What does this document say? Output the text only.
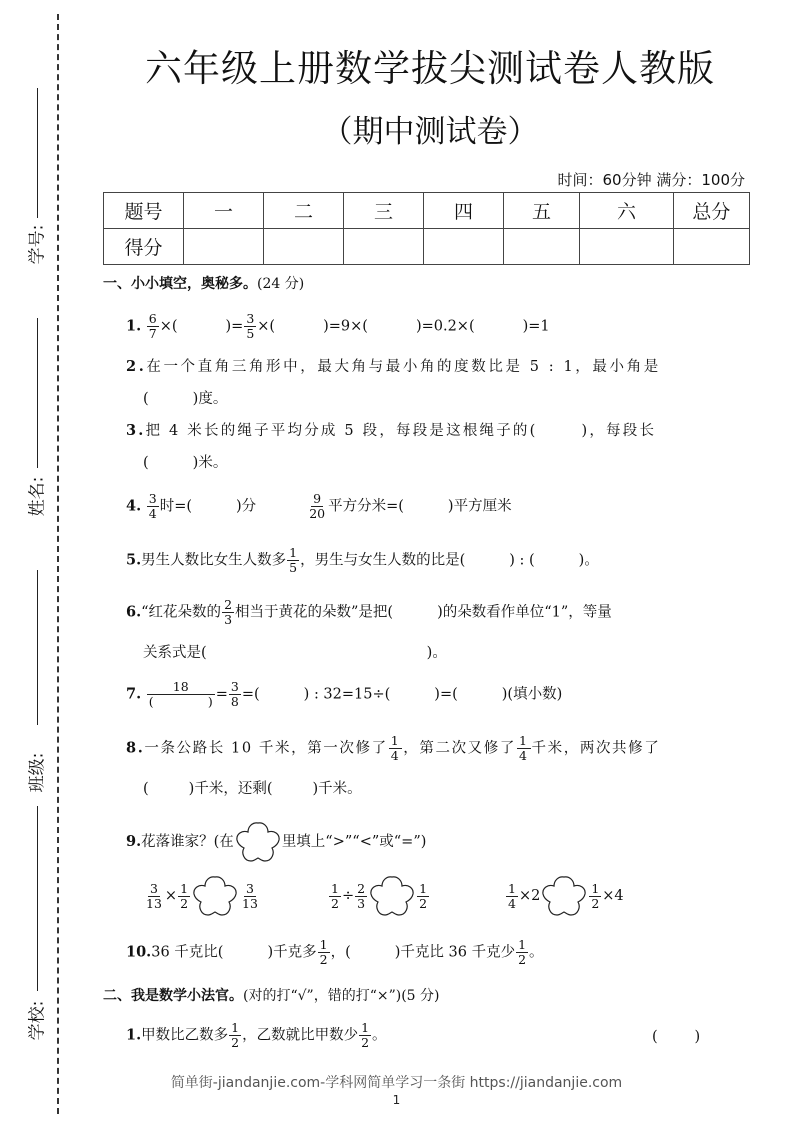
学号:
姓名:
班级:
学校:
六年级上册数学拔尖测试卷人教版
（期中测试卷）
时间：60分钟 满分：100分
题号	一	二	三	四	五	六	总分
得分							
一、小小填空，奥秘多。(24 分)
1. $\frac{6}{7}$ ×(	)= $\frac{3}{5}$ ×(	)=9×(	)=0.2×(	)=1
2.在一个直角三角形中，最大角与最小角的度数比是 5 : 1，最小角是
(	)度。
3.把 4 米长的绳子平均分成 5 段，每段是这根绳子的(	)，每段长
(	)米。
4. $\frac{3}{4}$ 时=(	)分	$\frac{9}{20}$ 平方分米=(	)平方厘米
5.男生人数比女生人数多 $\frac{1}{5}$ ，男生与女生人数的比是(	) : (	)。
6.“红花朵数的 $\frac{2}{3}$ 相当于黄花的朵数”是把(	)的朵数看作单位“1”，等量
关系式是(	)。
7. 18
(	) = $\frac{3}{8}$ =(	) : 32=15÷(	)=(	)(填小数)
8.一条公路长 10 千米，第一次修了 $\frac{1}{4}$ ，第二次又修了 $\frac{1}{4}$ 千米，两次共修了
(	)千米，还剩(	)千米。
9.花落谁家？(在	里填上“>”“<”或“=”)
$\frac{3}{13} \times \frac{1}{2}$	$\frac{3}{13}$	$\frac{1}{2} \div \frac{2}{3}$	$\frac{1}{2}$	$\frac{1}{4} \times 2$	$\frac{1}{2} \times 4$
10.36 千克比(	)千克多 $\frac{1}{2}$ ，(	)千克比 36 千克少 $\frac{1}{2}$ 。
二、我是数学小法官。(对的打“√”，错的打“×”)(5 分)
1.甲数比乙数多 $\frac{1}{2}$ ，乙数就比甲数少 $\frac{1}{2}$ 。	(        )
简单街-jiandanjie.com-学科网简单学习一条街 https://jiandanjie.com
1
